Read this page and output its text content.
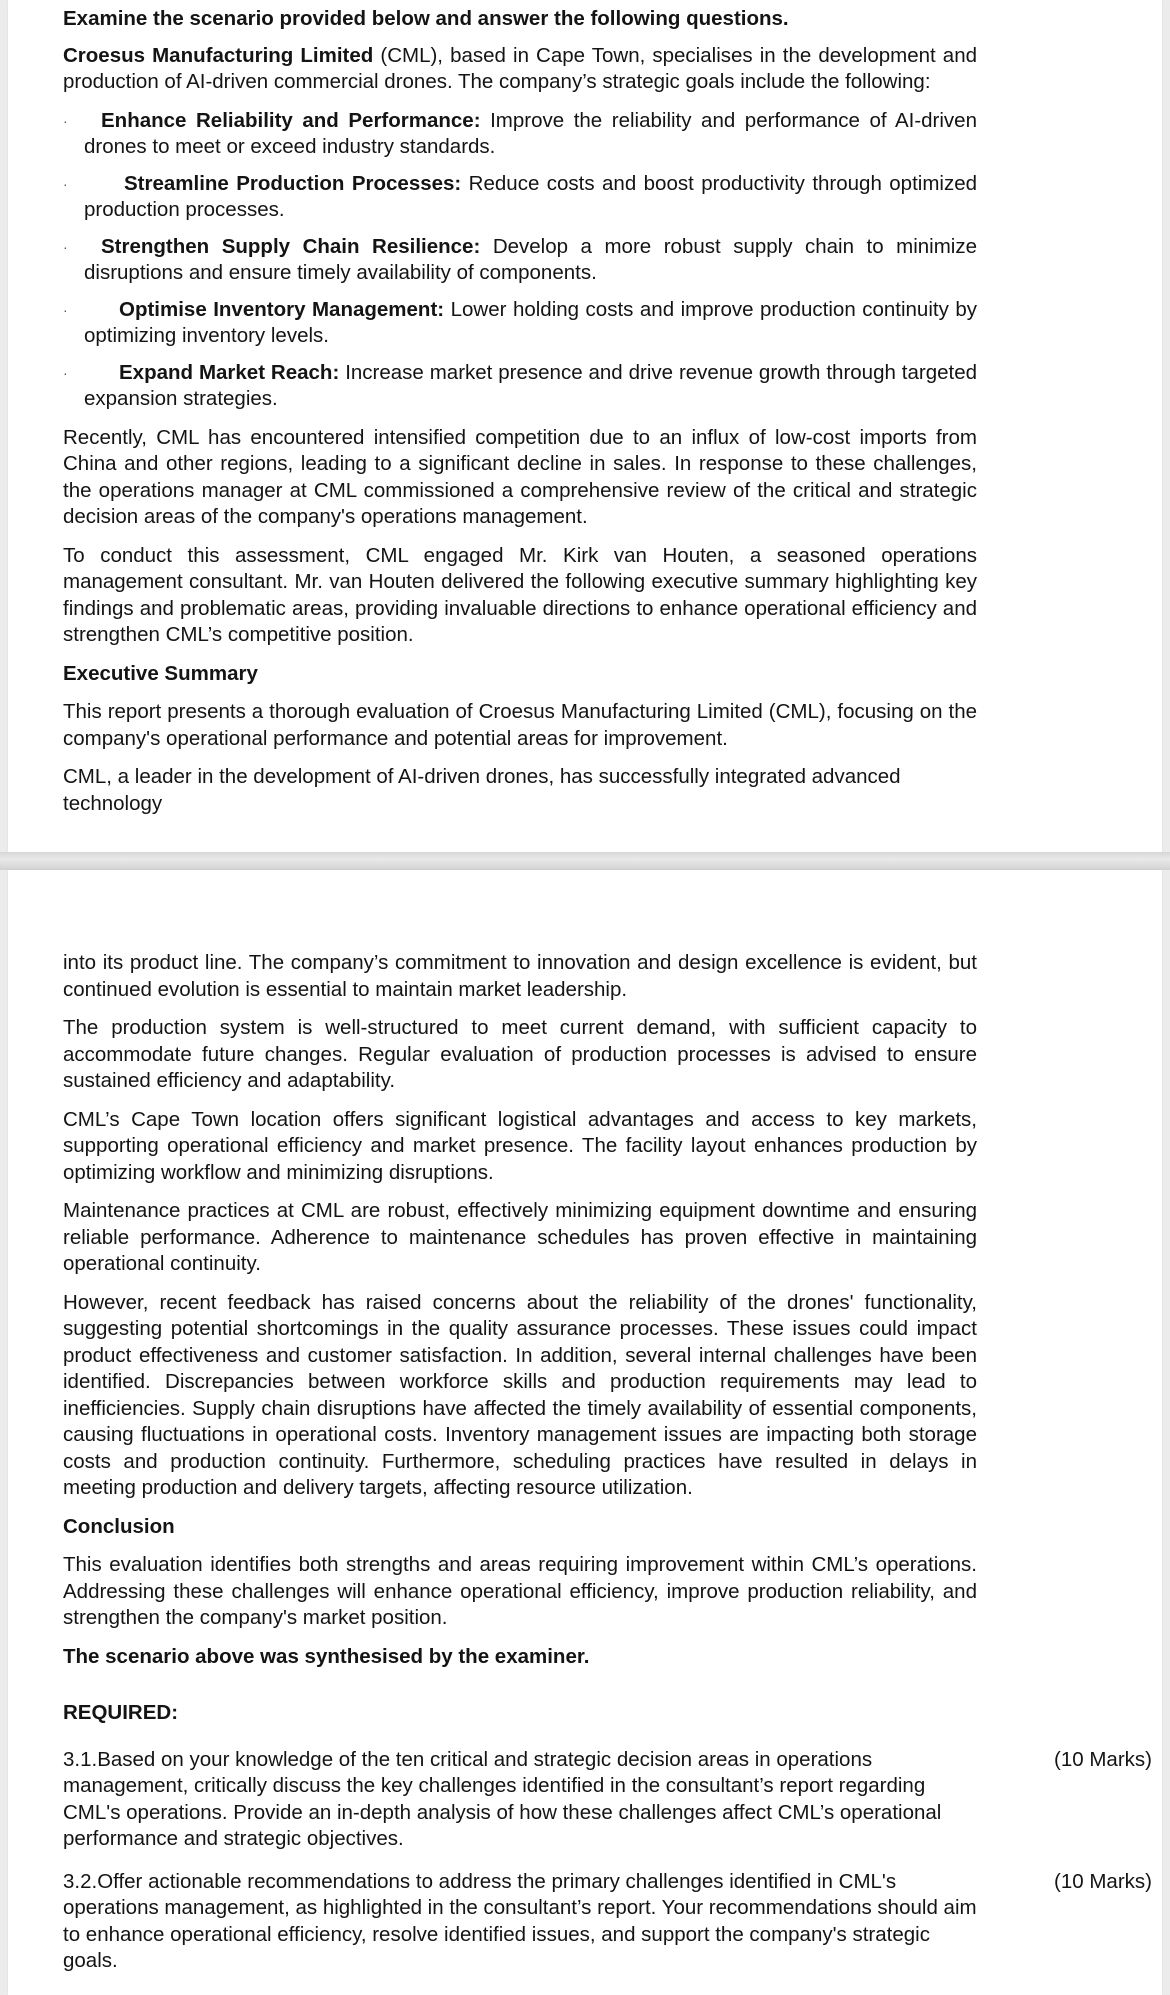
Examine the scenario provided below and answer the following questions.

Croesus Manufacturing Limited (CML), based in Cape Town, specialises in the development and production of AI-driven commercial drones. The company’s strategic goals include the following:

· Enhance Reliability and Performance: Improve the reliability and performance of AI-driven drones to meet or exceed industry standards.
·	Streamline Production Processes: Reduce costs and boost productivity through optimized production processes.
· Strengthen Supply Chain Resilience: Develop a more robust supply chain to minimize disruptions and ensure timely availability of components.
·	Optimise Inventory Management: Lower holding costs and improve production continuity by optimizing inventory levels.
·	Expand Market Reach: Increase market presence and drive revenue growth through targeted expansion strategies.

Recently, CML has encountered intensified competition due to an influx of low-cost imports from China and other regions, leading to a significant decline in sales. In response to these challenges, the operations manager at CML commissioned a comprehensive review of the critical and strategic decision areas of the company's operations management.

To conduct this assessment, CML engaged Mr. Kirk van Houten, a seasoned operations management consultant. Mr. van Houten delivered the following executive summary highlighting key findings and problematic areas, providing invaluable directions to enhance operational efficiency and strengthen CML’s competitive position.

Executive Summary

This report presents a thorough evaluation of Croesus Manufacturing Limited (CML), focusing on the company's operational performance and potential areas for improvement.

CML, a leader in the development of AI-driven drones, has successfully integrated advanced technology

into its product line. The company’s commitment to innovation and design excellence is evident, but continued evolution is essential to maintain market leadership.

The production system is well-structured to meet current demand, with sufficient capacity to accommodate future changes. Regular evaluation of production processes is advised to ensure sustained efficiency and adaptability.

CML’s Cape Town location offers significant logistical advantages and access to key markets, supporting operational efficiency and market presence. The facility layout enhances production by optimizing workflow and minimizing disruptions.

Maintenance practices at CML are robust, effectively minimizing equipment downtime and ensuring reliable performance. Adherence to maintenance schedules has proven effective in maintaining operational continuity.

However, recent feedback has raised concerns about the reliability of the drones' functionality, suggesting potential shortcomings in the quality assurance processes. These issues could impact product effectiveness and customer satisfaction. In addition, several internal challenges have been identified. Discrepancies between workforce skills and production requirements may lead to inefficiencies. Supply chain disruptions have affected the timely availability of essential components, causing fluctuations in operational costs. Inventory management issues are impacting both storage costs and production continuity. Furthermore, scheduling practices have resulted in delays in meeting production and delivery targets, affecting resource utilization.

Conclusion

This evaluation identifies both strengths and areas requiring improvement within CML’s operations. Addressing these challenges will enhance operational efficiency, improve production reliability, and strengthen the company's market position.

The scenario above was synthesised by the examiner.

REQUIRED:

3.1.Based on your knowledge of the ten critical and strategic decision areas in operations management, critically discuss the key challenges identified in the consultant’s report regarding CML's operations. Provide an in-depth analysis of how these challenges affect CML’s operational performance and strategic objectives.
(10 Marks)
3.2.Offer actionable recommendations to address the primary challenges identified in CML's operations management, as highlighted in the consultant’s report. Your recommendations should aim to enhance operational efficiency, resolve identified issues, and support the company's strategic goals.
(10 Marks)
